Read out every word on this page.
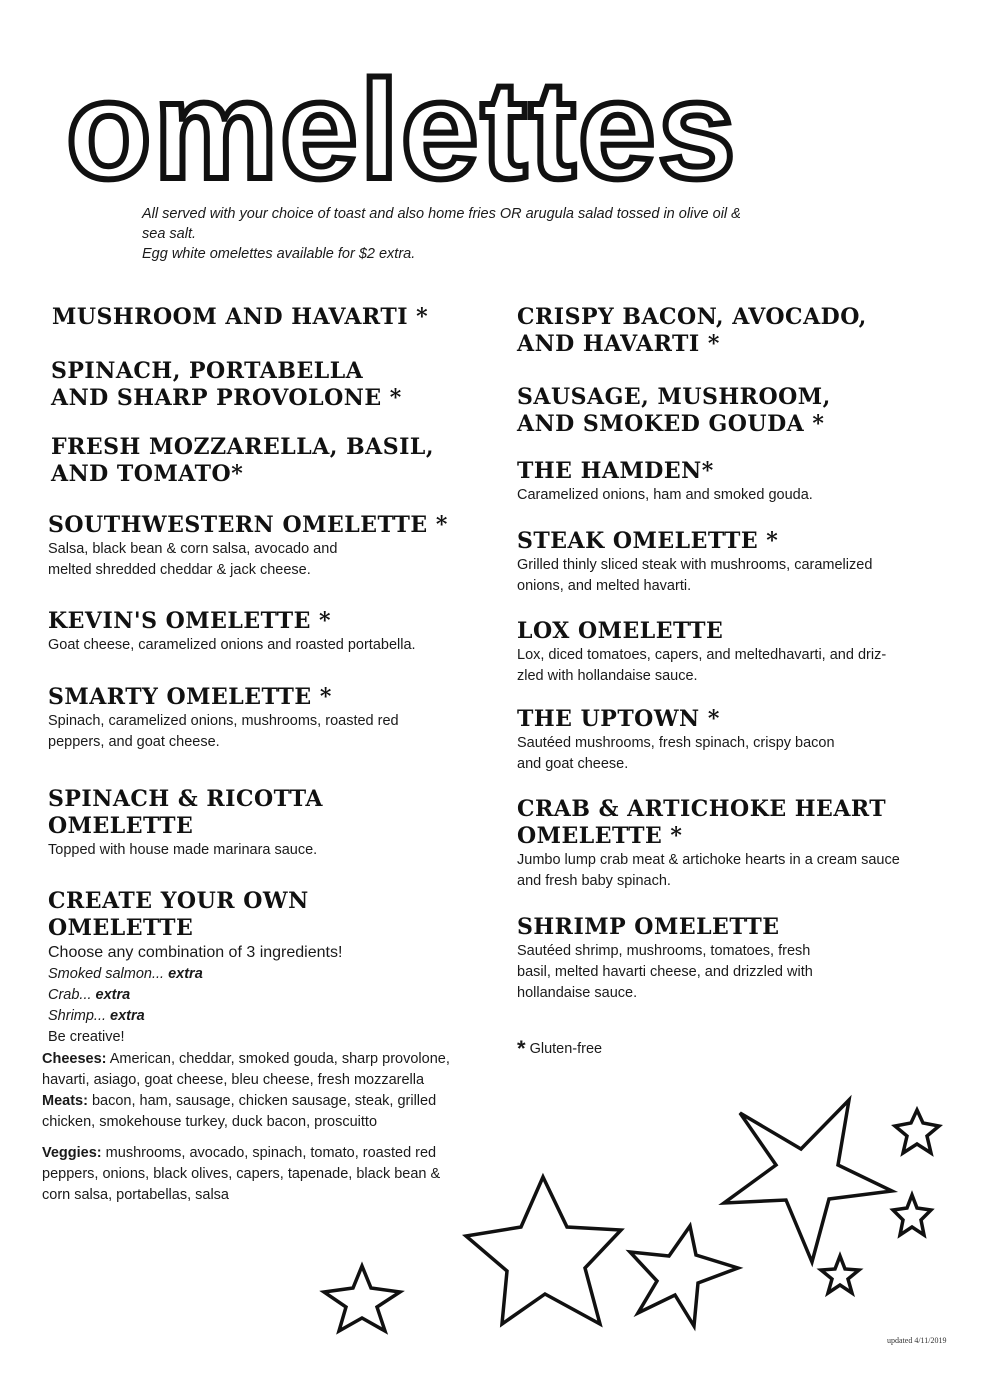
omelettes
All served with your choice of toast and also home fries OR arugula salad tossed in olive oil &
sea salt.
Egg white omelettes available for $2 extra.
MUSHROOM AND HAVARTI *
SPINACH, PORTABELLA
AND SHARP PROVOLONE *
FRESH MOZZARELLA, BASIL,
AND TOMATO*
SOUTHWESTERN OMELETTE *
Salsa, black bean & corn salsa, avocado and
melted shredded cheddar & jack cheese.
KEVIN'S OMELETTE *
Goat cheese, caramelized onions and roasted portabella.
SMARTY OMELETTE *
Spinach, caramelized onions, mushrooms, roasted red
peppers, and goat cheese.
SPINACH & RICOTTA
OMELETTE
Topped with house made marinara sauce.
CREATE YOUR OWN
OMELETTE
Choose any combination of 3 ingredients!
Smoked salmon... extra
Crab... extra
Shrimp... extra
Be creative!

Cheeses: American, cheddar, smoked gouda, sharp provolone, havarti, asiago, goat cheese, bleu cheese, fresh mozzarella

Meats: bacon, ham, sausage, chicken sausage, steak, grilled chicken, smokehouse turkey, duck bacon, proscuitto

Veggies: mushrooms, avocado, spinach, tomato, roasted red peppers, onions, black olives, capers, tapenade, black bean & corn salsa, portabellas, salsa

CRISPY BACON, AVOCADO,
AND HAVARTI *
SAUSAGE, MUSHROOM,
AND SMOKED GOUDA *
THE HAMDEN*
Caramelized onions, ham and smoked gouda.
STEAK OMELETTE *
Grilled thinly sliced steak with mushrooms, caramelized
onions, and melted havarti.
LOX OMELETTE
Lox, diced tomatoes, capers, and meltedhavarti, and driz-
zled with hollandaise sauce.
THE UPTOWN *
Sautéed mushrooms, fresh spinach, crispy bacon
and goat cheese.
CRAB & ARTICHOKE HEART
OMELETTE *
Jumbo lump crab meat & artichoke hearts in a cream sauce
and fresh baby spinach.
SHRIMP OMELETTE
Sautéed shrimp, mushrooms, tomatoes, fresh
basil, melted havarti cheese, and drizzled with
hollandaise sauce.
* Gluten-free
updated 4/11/2019
